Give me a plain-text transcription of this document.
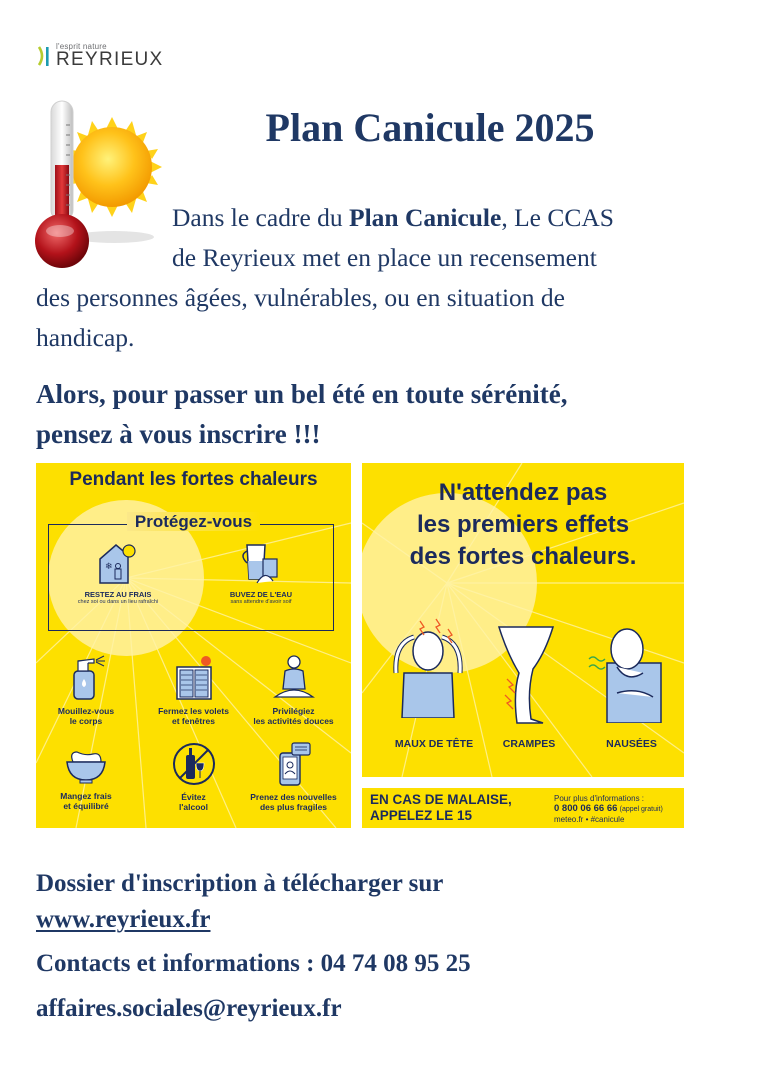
l'esprit nature
REYRIEUX
Plan Canicule 2025
Dans le cadre du Plan Canicule, Le CCAS
de Reyrieux met en place un recensement
des personnes âgées, vulnérables, ou en situation de
handicap.
Alors, pour passer un bel été en toute sérénité,
pensez à vous inscrire !!!
Pendant les fortes chaleurs
Protégez-vous
❄
RESTEZ AU FRAIS
chez soi ou dans un lieu rafraîchi
BUVEZ DE L'EAU
sans attendre d'avoir soif
Mouillez-vous
le corps
Fermez les volets
et fenêtres
Privilégiez
les activités douces
Mangez frais
et équilibré
Évitez
l'alcool
Prenez des nouvelles
des plus fragiles
N'attendez pas
les premiers effets
des fortes chaleurs.
MAUX DE TÊTE	CRAMPES	NAUSÉES
EN CAS DE MALAISE,
APPELEZ LE 15
Pour plus d'informations :
0 800 06 66 66 (appel gratuit)
meteo.fr • #canicule
Dossier d'inscription à télécharger sur
www.reyrieux.fr
Contacts et informations : 04 74 08 95 25
affaires.sociales@reyrieux.fr
